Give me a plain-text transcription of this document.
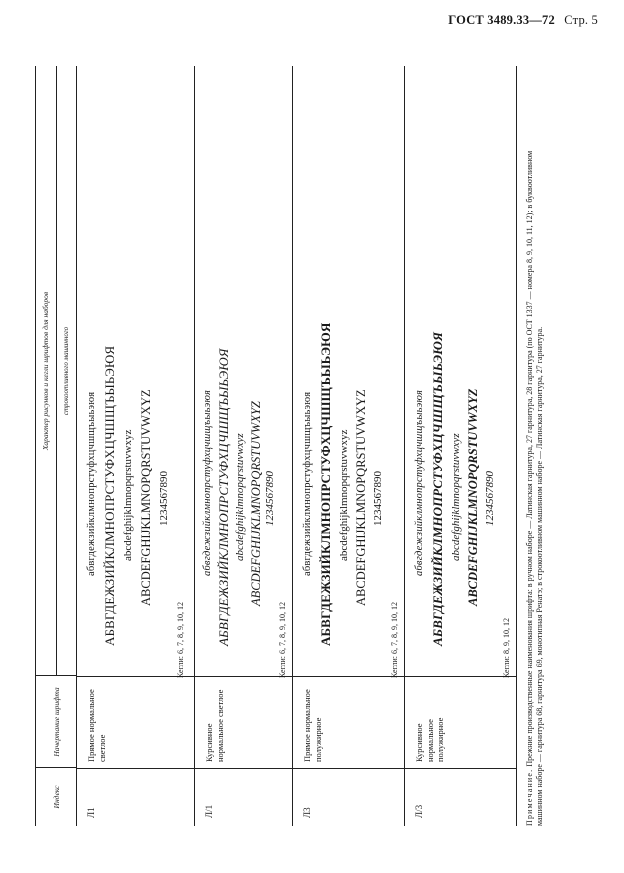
ГОСТ 3489.33—72 Стр. 5
Индекс
Начертание шрифта
Характер рисунков и кегли шрифтов для наборов	строкоотливного машинного
Л1
Прямое нормальное светлое
абвгдежзийклмнопрстуфхцчшщъыьэюя АБВГДЕЖЗИЙКЛМНОПРСТУФХЦЧШЩЪЫЬЭЮЯ abcdefghijklmnopqrstuvwxyz ABCDEFGHIJKLMNOPQRSTUVWXYZ 1234567890
Кегли: 6, 7, 8, 9, 10, 12
Л/1
Курсивное нормальное светлое
абвгдежзийклмнопрстуфхцчшщъыьэюя АБВГДЕЖЗИЙКЛМНОПРСТУФХЦЧШЩЪЫЬЭЮЯ abcdefghijklmnopqrstuvwxyz ABCDEFGHIJKLMNOPQRSTUVWXYZ 1234567890
Кегли: 6, 7, 8, 9, 10, 12
Л3
Прямое нормальное полужирное
абвгдежзийклмнопрстуфхцчшщъыьэюя АБВГДЕЖЗИЙКЛМНОПРСТУФХЦЧШЩЪЫЬЭЮЯ abcdefghijklmnopqrstuvwxyz ABCDEFGHIJKLMNOPQRSTUVWXYZ 1234567890
Кегли: 6, 7, 8, 9, 10, 12
Л/3
Курсивное нормальное полужирное
абвгдежзийклмнопрстуфхцчшщъыьэюя АБВГДЕЖЗИЙКЛМНОПРСТУФХЦЧШЩЪЫЬЭЮЯ abcdefghijklmnopqrstuvwxyz ABCDEFGHIJKLMNOPQRSTUVWXYZ 1234567890
Кегли: 8, 9, 10, 12
Примечание. Прежние производственные наименования шрифта: в ручном наборе — Латинская гарнитура, 27 гарнитура, 28 гарнитура (по ОСТ 1337 — номера 8, 9, 10, 11, 12); в буквоотливном машинном наборе — гарнитура 68, гарнитура 69, монотипная Ренатэ; в строкоотливном машинном наборе — Латинская гарнитура, 27 гарнитура.
